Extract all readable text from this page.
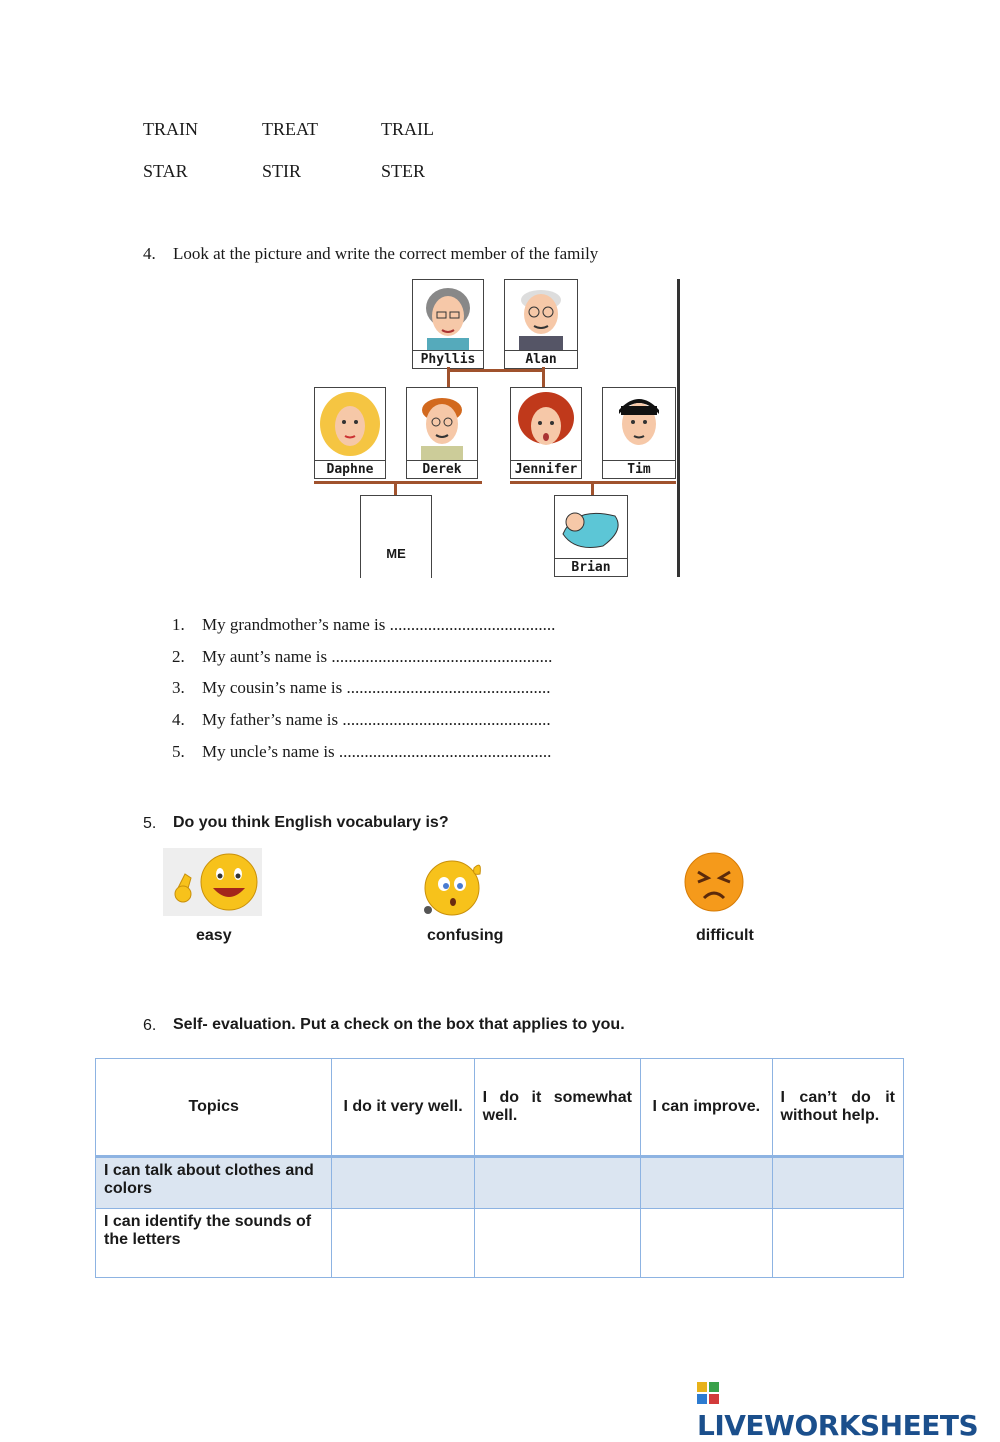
TRAIN	TREAT	TRAIL
STAR	STIR	STER
4. Look at the picture and write the correct member of the family
Phyllis	Alan
Daphne	Derek	Jennifer	Tim
ME
Brian
1. My grandmother’s name is .......................................
2. My aunt’s name is ....................................................
3. My cousin’s name is ................................................
4. My father’s name is .................................................
5. My uncle’s name is ..................................................
5. Do you think English vocabulary is?
easy	confusing	difficult
6. Self- evaluation. Put a check on the box that applies to you.
Topics	I do it very well.	I do it somewhat well.	I can improve.	I can’t do it without help.
I can talk about clothes and colors				
I can identify the sounds of the letters				
LIVEWORKSHEETS
